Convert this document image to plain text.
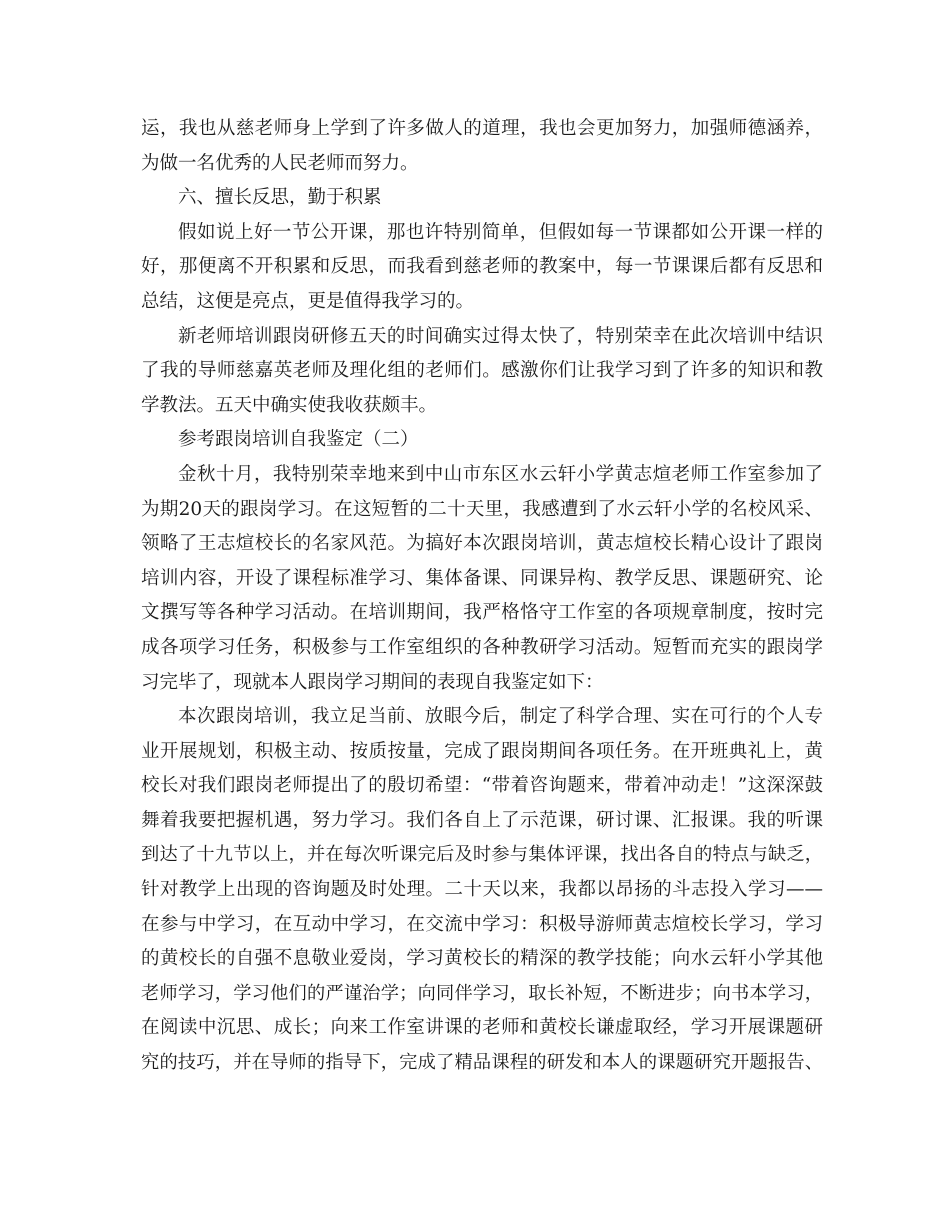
运，我也从慈老师身上学到了许多做人的道理，我也会更加努力，加强师德涵养，
为做一名优秀的人民老师而努力。
六、擅长反思，勤于积累
假如说上好一节公开课，那也许特别简单，但假如每一节课都如公开课一样的
好，那便离不开积累和反思，而我看到慈老师的教案中，每一节课课后都有反思和
总结，这便是亮点，更是值得我学习的。
新老师培训跟岗研修五天的时间确实过得太快了，特别荣幸在此次培训中结识
了我的导师慈嘉英老师及理化组的老师们。感激你们让我学习到了许多的知识和教
学教法。五天中确实使我收获颇丰。
参考跟岗培训自我鉴定（二）
金秋十月，我特别荣幸地来到中山市东区水云轩小学黄志煊老师工作室参加了
为期20天的跟岗学习。在这短暂的二十天里，我感遭到了水云轩小学的名校风采、
领略了王志煊校长的名家风范。为搞好本次跟岗培训，黄志煊校长精心设计了跟岗
培训内容，开设了课程标准学习、集体备课、同课异构、教学反思、课题研究、论
文撰写等各种学习活动。在培训期间，我严格恪守工作室的各项规章制度，按时完
成各项学习任务，积极参与工作室组织的各种教研学习活动。短暂而充实的跟岗学
习完毕了，现就本人跟岗学习期间的表现自我鉴定如下：
本次跟岗培训，我立足当前、放眼今后，制定了科学合理、实在可行的个人专
业开展规划，积极主动、按质按量，完成了跟岗期间各项任务。在开班典礼上，黄
校长对我们跟岗老师提出了的殷切希望：“带着咨询题来，带着冲动走！”这深深鼓
舞着我要把握机遇，努力学习。我们各自上了示范课，研讨课、汇报课。我的听课
到达了十九节以上，并在每次听课完后及时参与集体评课，找出各自的特点与缺乏，
针对教学上出现的咨询题及时处理。二十天以来，我都以昂扬的斗志投入学习——
在参与中学习，在互动中学习，在交流中学习：积极导游师黄志煊校长学习，学习
的黄校长的自强不息敬业爱岗，学习黄校长的精深的教学技能；向水云轩小学其他
老师学习，学习他们的严谨治学；向同伴学习，取长补短，不断进步；向书本学习，
在阅读中沉思、成长；向来工作室讲课的老师和黄校长谦虚取经，学习开展课题研
究的技巧，并在导师的指导下，完成了精品课程的研发和本人的课题研究开题报告、
